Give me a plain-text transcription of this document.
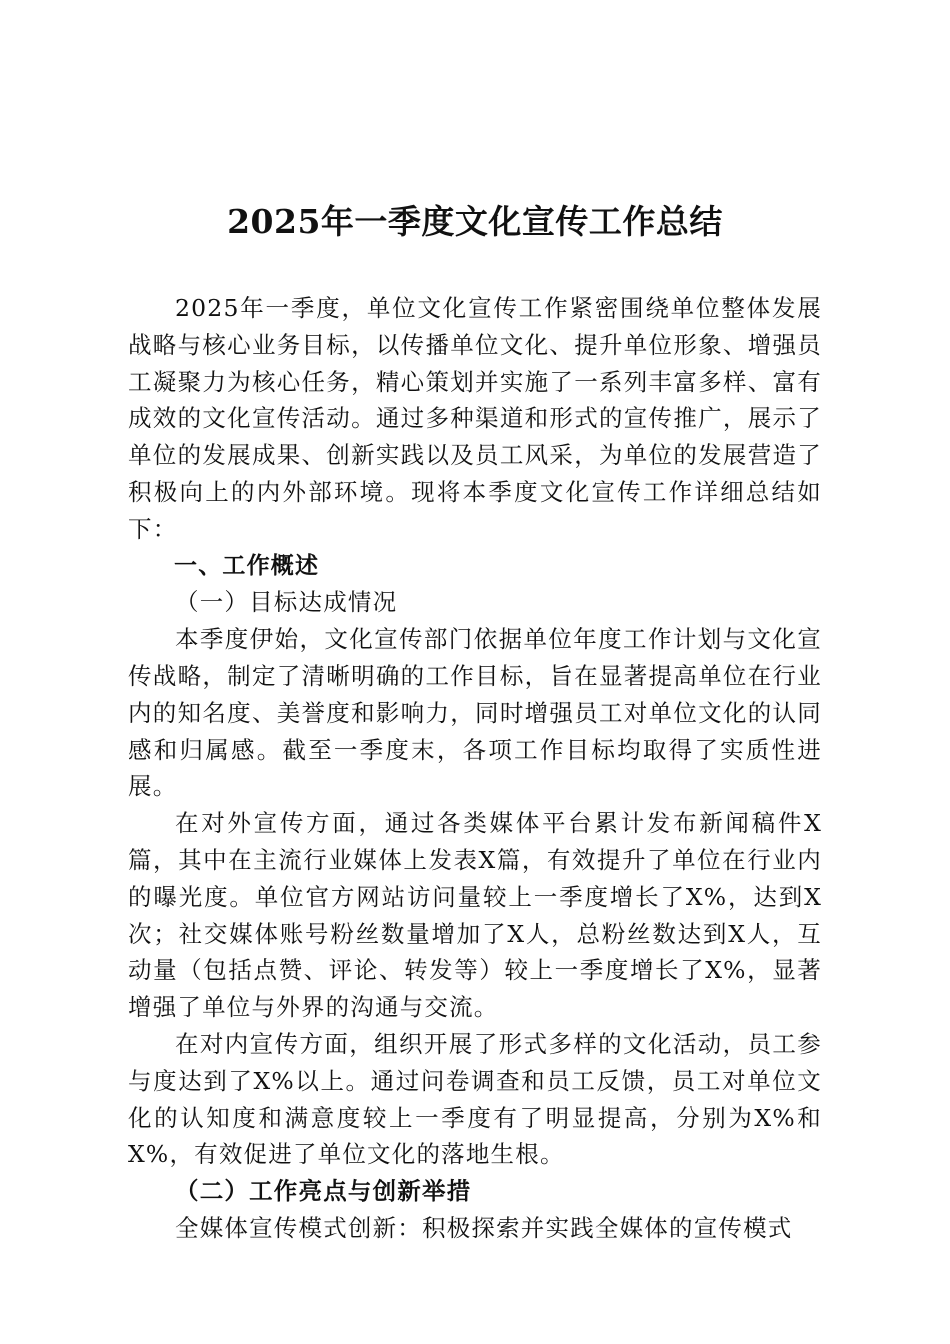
2025年一季度文化宣传工作总结

2025年一季度，单位文化宣传工作紧密围绕单位整体发展战略与核心业务目标，以传播单位文化、提升单位形象、增强员工凝聚力为核心任务，精心策划并实施了一系列丰富多样、富有成效的文化宣传活动。通过多种渠道和形式的宣传推广，展示了单位的发展成果、创新实践以及员工风采，为单位的发展营造了积极向上的内外部环境。现将本季度文化宣传工作详细总结如下：

一、工作概述

（一）目标达成情况

本季度伊始，文化宣传部门依据单位年度工作计划与文化宣传战略，制定了清晰明确的工作目标，旨在显著提高单位在行业内的知名度、美誉度和影响力，同时增强员工对单位文化的认同感和归属感。截至一季度末，各项工作目标均取得了实质性进展。

在对外宣传方面，通过各类媒体平台累计发布新闻稿件X篇，其中在主流行业媒体上发表X篇，有效提升了单位在行业内的曝光度。单位官方网站访问量较上一季度增长了X%，达到X次；社交媒体账号粉丝数量增加了X人，总粉丝数达到X人，互动量（包括点赞、评论、转发等）较上一季度增长了X%，显著增强了单位与外界的沟通与交流。

在对内宣传方面，组织开展了形式多样的文化活动，员工参与度达到了X%以上。通过问卷调查和员工反馈，员工对单位文化的认知度和满意度较上一季度有了明显提高，分别为X%和X%，有效促进了单位文化的落地生根。

（二）工作亮点与创新举措

全媒体宣传模式创新：积极探索并实践全媒体的宣传模式
